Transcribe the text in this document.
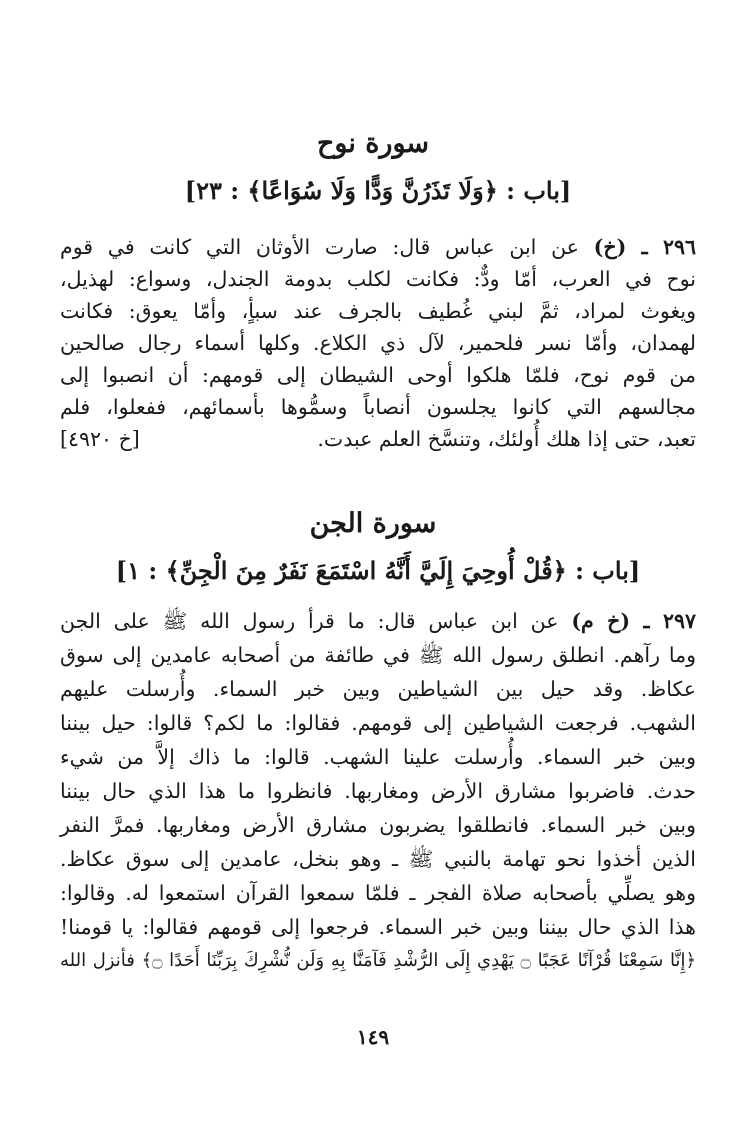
سورة نوح
[باب : ﴿وَلَا تَذَرُنَّ وَدًّا وَلَا سُوَاعًا﴾ : ٢٣]
٢٩٦ ـ (خ) عن ابن عباس قال: صارت الأوثان التي كانت في قوم
نوح في العرب، أمّا ودٌّ: فكانت لكلب بدومة الجندل، وسواع: لهذيل،
ويغوث لمراد، ثمَّ لبني غُطيف بالجرف عند سبأٍ، وأمّا يعوق: فكانت
لهمدان، وأمّا نسر فلحمير، لآل ذي الكلاع. وكلها أسماء رجال صالحين
من قوم نوح، فلمّا هلكوا أوحى الشيطان إلى قومهم: أن انصبوا إلى
مجالسهم التي كانوا يجلسون أنصاباً وسمُّوها بأسمائهم، ففعلوا، فلم
تعبد، حتى إذا هلك أُولئك، وتنسَّخ العلم عبدت.
[خ ٤٩٢٠]
سورة الجن
[باب : ﴿قُلْ أُوحِيَ إِلَيَّ أَنَّهُ اسْتَمَعَ نَفَرٌ مِنَ الْجِنِّ﴾ : ١]
٢٩٧ ـ (خ م) عن ابن عباس قال: ما قرأ رسول الله ﷺ على الجن
وما رآهم. انطلق رسول الله ﷺ في طائفة من أصحابه عامدين إلى سوق
عكاظ. وقد حيل بين الشياطين وبين خبر السماء. وأُرسلت عليهم
الشهب. فرجعت الشياطين إلى قومهم. فقالوا: ما لكم؟ قالوا: حيل بيننا
وبين خبر السماء. وأُرسلت علينا الشهب. قالوا: ما ذاك إلاَّ من شيء
حدث. فاضربوا مشارق الأرض ومغاربها. فانظروا ما هذا الذي حال بيننا
وبين خبر السماء. فانطلقوا يضربون مشارق الأرض ومغاربها. فمرَّ النفر
الذين أخذوا نحو تهامة بالنبي ﷺ ـ وهو بنخل، عامدين إلى سوق عكاظ.
وهو يصلِّي بأصحابه صلاة الفجر ـ فلمّا سمعوا القرآن استمعوا له. وقالوا:
هذا الذي حال بيننا وبين خبر السماء. فرجعوا إلى قومهم فقالوا: يا قومنا!
﴿إِنَّا سَمِعْنَا قُرْآنًا عَجَبًا ۝ يَهْدِي إِلَى الرُّشْدِ فَآمَنَّا بِهِ وَلَن نُّشْرِكَ بِرَبِّنَا أَحَدًا ۝﴾ فأنزل الله
١٤٩
